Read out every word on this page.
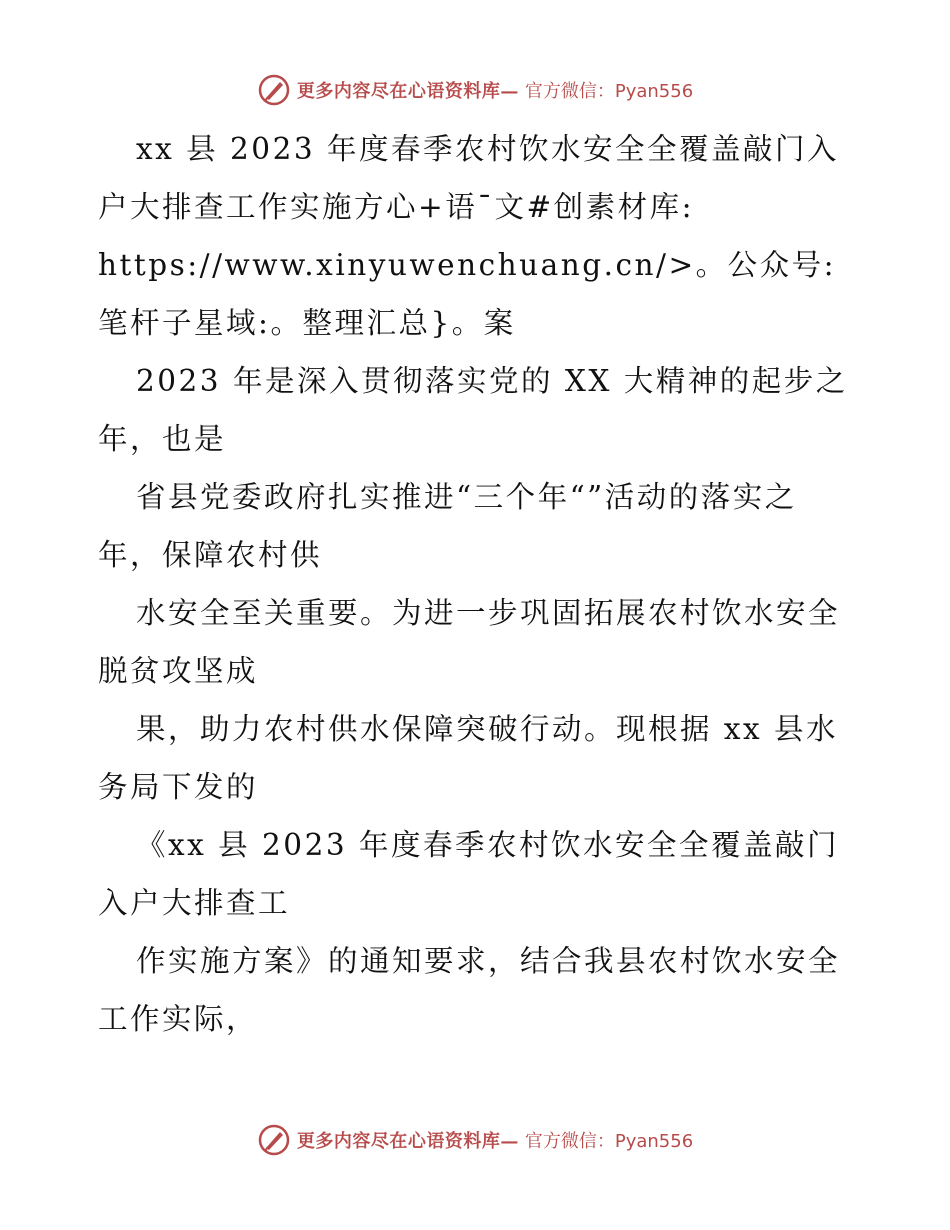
更多内容尽在心语资料库— 官方微信：Pyan556

xx 县 2023 年度春季农村饮水安全全覆盖敲门入户大排查工作实施方心+语¯文#创素材库: https://www.xinyuwenchuang.cn/>。公众号: 笔杆子星域:。整理汇总}。案

2023 年是深入贯彻落实党的 XX 大精神的起步之年，也是

省县党委政府扎实推进“三个年“”活动的落实之年，保障农村供

水安全至关重要。为进一步巩固拓展农村饮水安全脱贫攻坚成

果，助力农村供水保障突破行动。现根据 xx 县水务局下发的

《xx 县 2023 年度春季农村饮水安全全覆盖敲门入户大排查工

作实施方案》的通知要求，结合我县农村饮水安全工作实际，

更多内容尽在心语资料库— 官方微信：Pyan556
